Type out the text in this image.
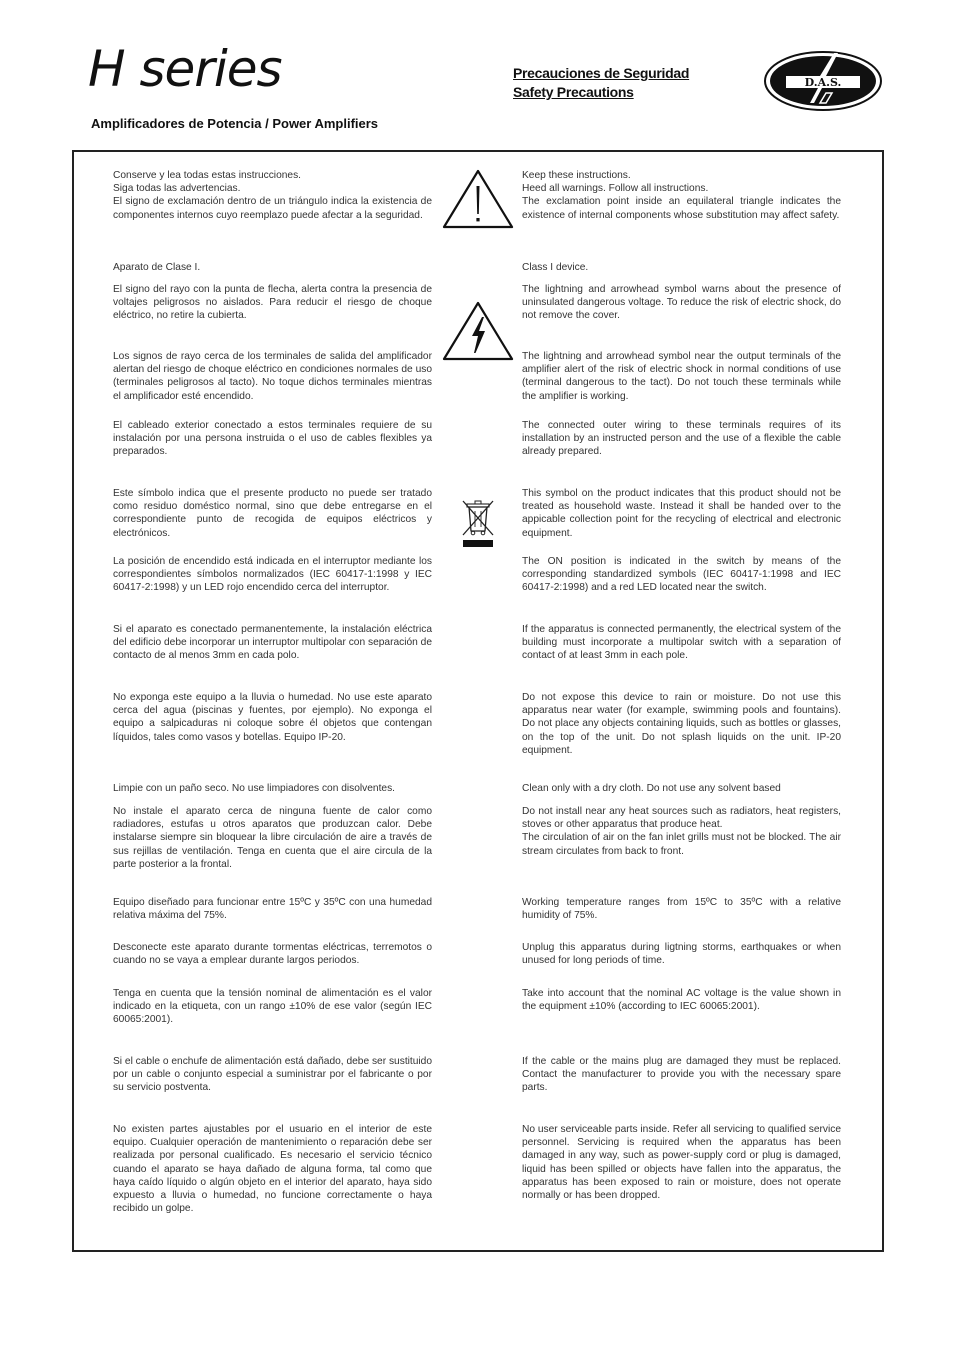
H series
Amplificadores de Potencia / Power Amplifiers
Precauciones de Seguridad
Safety Precautions
D.A.S.
Conserve y lea todas estas instrucciones.
Siga todas las advertencias.
El signo de exclamación dentro de un triángulo indica la existencia de componentes internos cuyo reemplazo puede afectar a la seguridad.
Aparato de Clase I.
El signo del rayo con la punta de flecha, alerta contra la presencia de voltajes peligrosos no aislados. Para reducir el riesgo de choque eléctrico, no retire la cubierta.
Los signos de rayo cerca de los terminales de salida del amplificador alertan del riesgo de choque eléctrico en condiciones normales de uso (terminales peligrosos al tacto). No toque dichos terminales mientras el amplificador esté encendido.
El cableado exterior conectado a estos terminales requiere de su instalación por una persona instruida o el uso de cables flexibles ya preparados.
Este símbolo indica que el presente producto no puede ser tratado como residuo doméstico normal, sino que debe entregarse en el correspondiente punto de recogida de equipos eléctricos y electrónicos.
La posición de encendido está indicada en el interruptor mediante los correspondientes símbolos normalizados (IEC 60417-1:1998 y IEC 60417-2:1998) y un LED rojo encendido cerca del interruptor.
Si el aparato es conectado permanentemente, la instalación eléctrica del edificio debe incorporar un interruptor multipolar con separación de contacto de al menos 3mm en cada polo.
No exponga este equipo a la lluvia o humedad. No use este aparato cerca del agua (piscinas y fuentes, por ejemplo). No exponga el equipo a salpicaduras ni coloque sobre él objetos que contengan líquidos, tales como vasos y botellas. Equipo IP-20.
Limpie con un paño seco. No use limpiadores con disolventes.
No instale el aparato cerca de ninguna fuente de calor como radiadores, estufas u otros aparatos que produzcan calor. Debe instalarse siempre sin bloquear la libre circulación de aire a través de sus rejillas de ventilación. Tenga en cuenta que el aire circula de la parte posterior a la frontal.
Equipo diseñado para funcionar entre 15ºC y 35ºC con una humedad relativa máxima del 75%.
Desconecte este aparato durante tormentas eléctricas, terremotos o cuando no se vaya a emplear durante largos periodos.
Tenga en cuenta que la tensión nominal de alimentación es el valor indicado en la etiqueta, con un rango ±10% de ese valor (según IEC 60065:2001).
Si el cable o enchufe de alimentación está dañado, debe ser sustituido por un cable o conjunto especial a suministrar por el fabricante o por su servicio postventa.
No existen partes ajustables por el usuario en el interior de este equipo. Cualquier operación de mantenimiento o reparación debe ser realizada por personal cualificado. Es necesario el servicio técnico cuando el aparato se haya dañado de alguna forma, tal como que haya caído líquido o algún objeto en el interior del aparato, haya sido expuesto a lluvia o humedad, no funcione correctamente o haya recibido un golpe.
Keep these instructions.
Heed all warnings. Follow all instructions.
The exclamation point inside an equilateral triangle indicates the existence of internal components whose substitution may affect safety.
Class I device.
The lightning and arrowhead symbol warns about the presence of uninsulated dangerous voltage. To reduce the risk of electric shock, do not remove the cover.
The lightning and arrowhead symbol near the output terminals of the amplifier alert of the risk of electric shock in normal conditions of use (terminal dangerous to the tact). Do not touch these terminals while the amplifier is working.
The connected outer wiring to these terminals requires of its installation by an instructed person and the use of a flexible the cable already prepared.
This symbol on the product indicates that this product should not be treated as household waste. Instead it shall be handed over to the appicable collection point for the recycling of electrical and electronic equipment.
The ON position is indicated in the switch by means of the corresponding standardized symbols (IEC 60417-1:1998 and IEC 60417-2:1998) and a red LED located near the switch.
If the apparatus is connected permanently, the electrical system of the building must incorporate a multipolar switch with a separation of contact of at least 3mm in each pole.
Do not expose this device to rain or moisture. Do not use this apparatus near water (for example, swimming pools and fountains). Do not place any objects containing liquids, such as bottles or glasses, on the top of the unit. Do not splash liquids on the unit. IP-20 equipment.
Clean only with a dry cloth. Do not use any solvent based
Do not install near any heat sources such as radiators, heat registers, stoves or other apparatus that produce heat.
The circulation of air on the fan inlet grills must not be blocked. The air stream circulates from back to front.
Working temperature ranges from 15ºC to 35ºC with a relative humidity of 75%.
Unplug this apparatus during ligtning storms, earthquakes or when unused for long periods of time.
Take into account that the nominal AC voltage is the value shown in the equipment ±10% (according to IEC 60065:2001).
If the cable or the mains plug are damaged they must be replaced. Contact the manufacturer to provide you with the necessary spare parts.
No user serviceable parts inside. Refer all servicing to qualified service personnel. Servicing is required when the apparatus has been damaged in any way, such as power-supply cord or plug is damaged, liquid has been spilled or objects have fallen into the apparatus, the apparatus has been exposed to rain or moisture, does not operate normally or has been dropped.
